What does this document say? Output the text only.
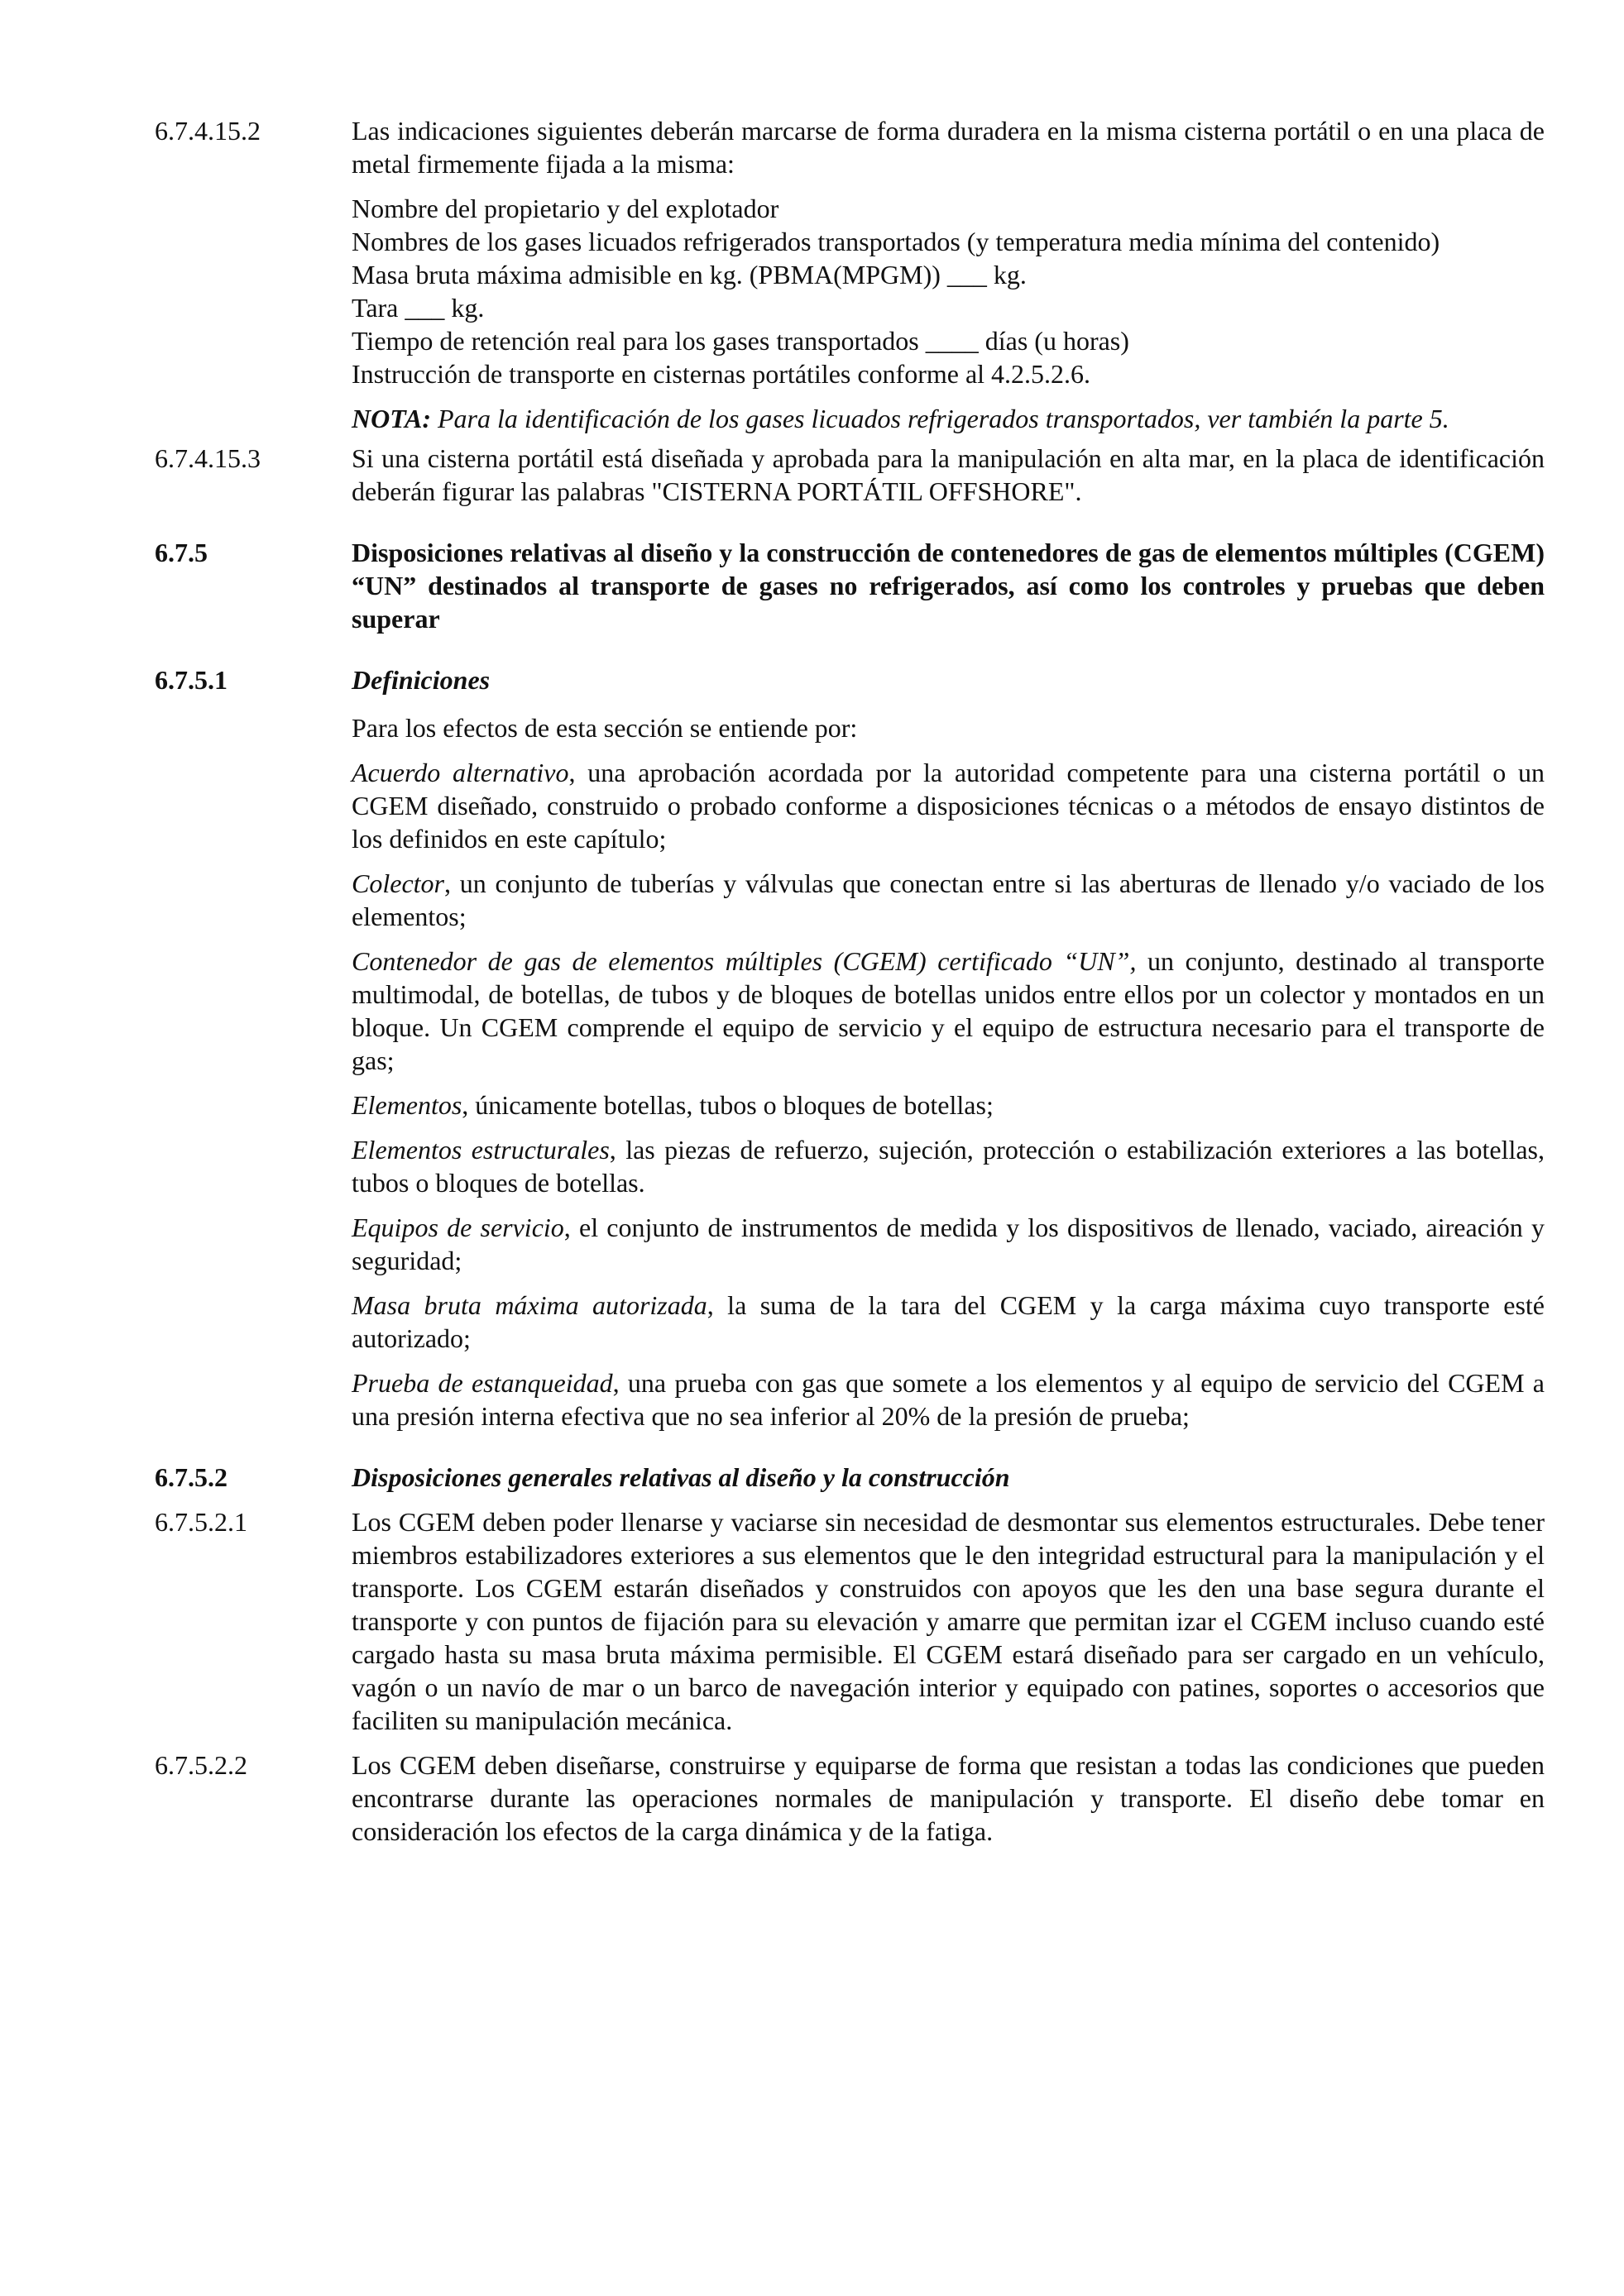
6.7.4.15.2	Las indicaciones siguientes deberán marcarse de forma duradera en la misma cisterna portátil o en una placa de metal firmemente fijada a la misma:

Nombre del propietario y del explotador
Nombres de los gases licuados refrigerados transportados (y temperatura media mínima del contenido)
Masa bruta máxima admisible en kg. (PBMA(MPGM)) ___ kg.
Tara ___ kg.
Tiempo de retención real para los gases transportados ____ días (u horas)
Instrucción de transporte en cisternas portátiles conforme al 4.2.5.2.6.

NOTA: Para la identificación de los gases licuados refrigerados transportados, ver también la parte 5.

6.7.4.15.3	Si una cisterna portátil está diseñada y aprobada para la manipulación en alta mar, en la placa de identificación deberán figurar las palabras "CISTERNA PORTÁTIL OFFSHORE".
6.7.5	Disposiciones relativas al diseño y la construcción de contenedores de gas de elementos múltiples (CGEM) “UN” destinados al transporte de gases no refrigerados, así como los controles y pruebas que deben superar
6.7.5.1	Definiciones

Para los efectos de esta sección se entiende por:

Acuerdo alternativo, una aprobación acordada por la autoridad competente para una cisterna portátil o un CGEM diseñado, construido o probado conforme a disposiciones técnicas o a métodos de ensayo distintos de los definidos en este capítulo;

Colector, un conjunto de tuberías y válvulas que conectan entre si las aberturas de llenado y/o vaciado de los elementos;

Contenedor de gas de elementos múltiples (CGEM) certificado “UN”, un conjunto, destinado al transporte multimodal, de botellas, de tubos y de bloques de botellas unidos entre ellos por un colector y montados en un bloque. Un CGEM comprende el equipo de servicio y el equipo de estructura necesario para el transporte de gas;

Elementos, únicamente botellas, tubos o bloques de botellas;

Elementos estructurales, las piezas de refuerzo, sujeción, protección o estabilización exteriores a las botellas, tubos o bloques de botellas.

Equipos de servicio, el conjunto de instrumentos de medida y los dispositivos de llenado, vaciado, aireación y seguridad;

Masa bruta máxima autorizada, la suma de la tara del CGEM y la carga máxima cuyo transporte esté autorizado;

Prueba de estanqueidad, una prueba con gas que somete a los elementos y al equipo de servicio del CGEM a una presión interna efectiva que no sea inferior al 20% de la presión de prueba;

6.7.5.2	Disposiciones generales relativas al diseño y la construcción
6.7.5.2.1	Los CGEM deben poder llenarse y vaciarse sin necesidad de desmontar sus elementos estructurales. Debe tener miembros estabilizadores exteriores a sus elementos que le den integridad estructural para la manipulación y el transporte. Los CGEM estarán diseñados y construidos con apoyos que les den una base segura durante el transporte y con puntos de fijación para su elevación y amarre que permitan izar el CGEM incluso cuando esté cargado hasta su masa bruta máxima permisible. El CGEM estará diseñado para ser cargado en un vehículo, vagón o un navío de mar o un barco de navegación interior y equipado con patines, soportes o accesorios que faciliten su manipulación mecánica.
6.7.5.2.2	Los CGEM deben diseñarse, construirse y equiparse de forma que resistan a todas las condiciones que pueden encontrarse durante las operaciones normales de manipulación y transporte. El diseño debe tomar en consideración los efectos de la carga dinámica y de la fatiga.
